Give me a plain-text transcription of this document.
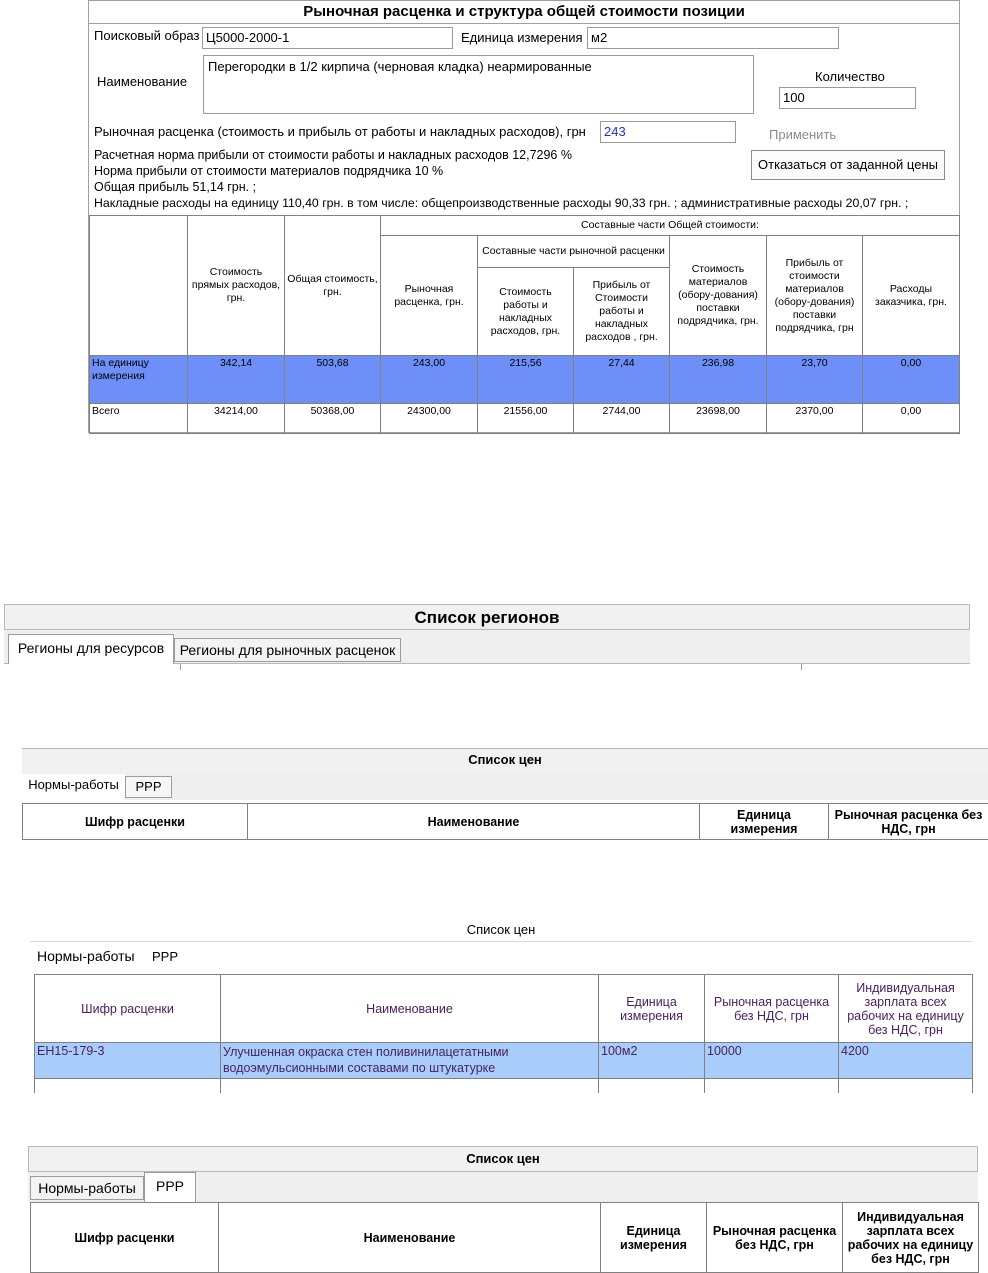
Рыночная расценка и структура общей стоимости позиции
Поисковый образ Ц5000-2000-1	Единица измерения м2
Наименование
Перегородки в 1/2 кирпича (черновая кладка) неармированные
Количество
100
Рыночная расценка (стоимость и прибыль от работы и накладных расходов), грн	243	Применить
Отказаться от заданной цены
Расчетная норма прибыли от стоимости работы и накладных расходов 12,7296 %
Норма прибыли от стоимости материалов подрядчика 10 %
Общая прибыль 51,14 грн. ;
Накладные расходы на единицу 110,40 грн. в том числе: общепроизводственные расходы 90,33 грн. ; административные расходы 20,07 грн. ;
	Стоимость прямых расходов, грн.	Общая стоимость, грн.	Составные части Общей стоимости:					
			Рыночная расценка, грн.	Составные части рыночной расценки		Стоимость материалов (обору-дования) поставки подрядчика, грн.	Прибыль от стоимости материалов (обору-дования) поставки подрядчика, грн	Расходы заказчика, грн.
				Стоимость работы и накладных расходов, грн.	Прибыль от Стоимости работы и накладных расходов , грн.			
На единицу измерения	342,14	503,68	243,00	215,56	27,44	236,98	23,70	0,00
Всего	34214,00	50368,00	24300,00	21556,00	2744,00	23698,00	2370,00	0,00
Список регионов
Регионы для ресурсов	Регионы для рыночных расценок
Список цен
Нормы-работы	РРР
Шифр расценки	Наименование	Единица измерения	Рыночная расценка без НДС, грн
Список цен
Нормы-работы РРР
Шифр расценки	Наименование	Единица измерения	Рыночная расценка без НДС, грн	Индивидуальная зарплата всех рабочих на единицу без НДС, грн
ЕН15-179-3	Улучшенная окраска стен поливинилацетатными водоэмульсионными составами по штукатурке	100м2	10000	4200

Список цен
Нормы-работы	РРР
Шифр расценки	Наименование	Единица измерения	Рыночная расценка без НДС, грн	Индивидуальная зарплата всех рабочих на единицу без НДС, грн
